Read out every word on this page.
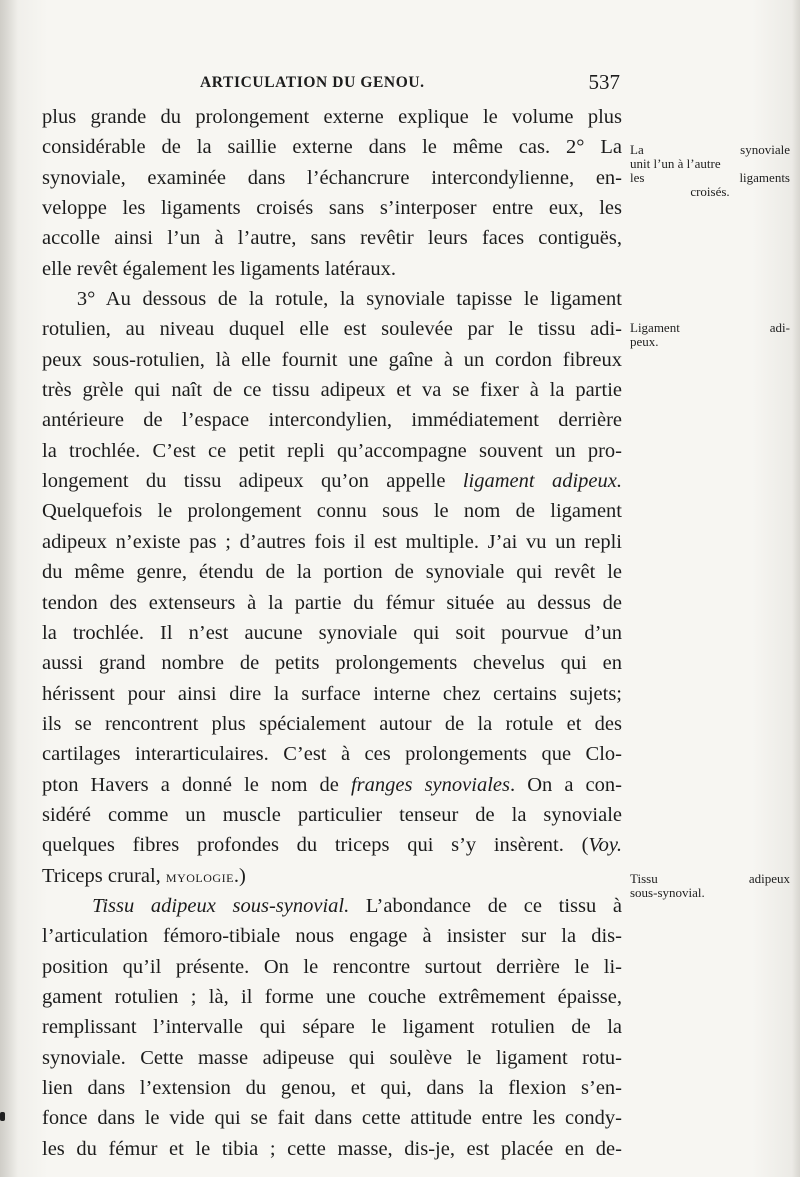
ARTICULATION DU GENOU.	537
plus grande du prolongement externe explique le volume plus
considérable de la saillie externe dans le même cas. 2° La
synoviale, examinée dans l’échancrure intercondylienne, en-
veloppe les ligaments croisés sans s’interposer entre eux, les
accolle ainsi l’un à l’autre, sans revêtir leurs faces contiguës,
elle revêt également les ligaments latéraux.
3° Au dessous de la rotule, la synoviale tapisse le ligament
rotulien, au niveau duquel elle est soulevée par le tissu adi-
peux sous-rotulien, là elle fournit une gaîne à un cordon fibreux
très grèle qui naît de ce tissu adipeux et va se fixer à la partie
antérieure de l’espace intercondylien, immédiatement derrière
la trochlée. C’est ce petit repli qu’accompagne souvent un pro-
longement du tissu adipeux qu’on appelle ligament adipeux.
Quelquefois le prolongement connu sous le nom de ligament
adipeux n’existe pas ; d’autres fois il est multiple. J’ai vu un repli
du même genre, étendu de la portion de synoviale qui revêt le
tendon des extenseurs à la partie du fémur située au dessus de
la trochlée. Il n’est aucune synoviale qui soit pourvue d’un
aussi grand nombre de petits prolongements chevelus qui en
hérissent pour ainsi dire la surface interne chez certains sujets;
ils se rencontrent plus spécialement autour de la rotule et des
cartilages interarticulaires. C’est à ces prolongements que Clo-
pton Havers a donné le nom de franges synoviales. On a con-
sidéré comme un muscle particulier tenseur de la synoviale
quelques fibres profondes du triceps qui s’y insèrent. (Voy.
Triceps crural, myologie.)
Tissu adipeux sous-synovial. L’abondance de ce tissu à
l’articulation fémoro-tibiale nous engage à insister sur la dis-
position qu’il présente. On le rencontre surtout derrière le li-
gament rotulien ; là, il forme une couche extrêmement épaisse,
remplissant l’intervalle qui sépare le ligament rotulien de la
synoviale. Cette masse adipeuse qui soulève le ligament rotu-
lien dans l’extension du genou, et qui, dans la flexion s’en-
fonce dans le vide qui se fait dans cette attitude entre les condy-
les du fémur et le tibia ; cette masse, dis-je, est placée en de-
La synoviale
unit l’un à l’autre
les ligaments
croisés.
Ligament adi-
peux.
Tissu adipeux
sous-synovial.
